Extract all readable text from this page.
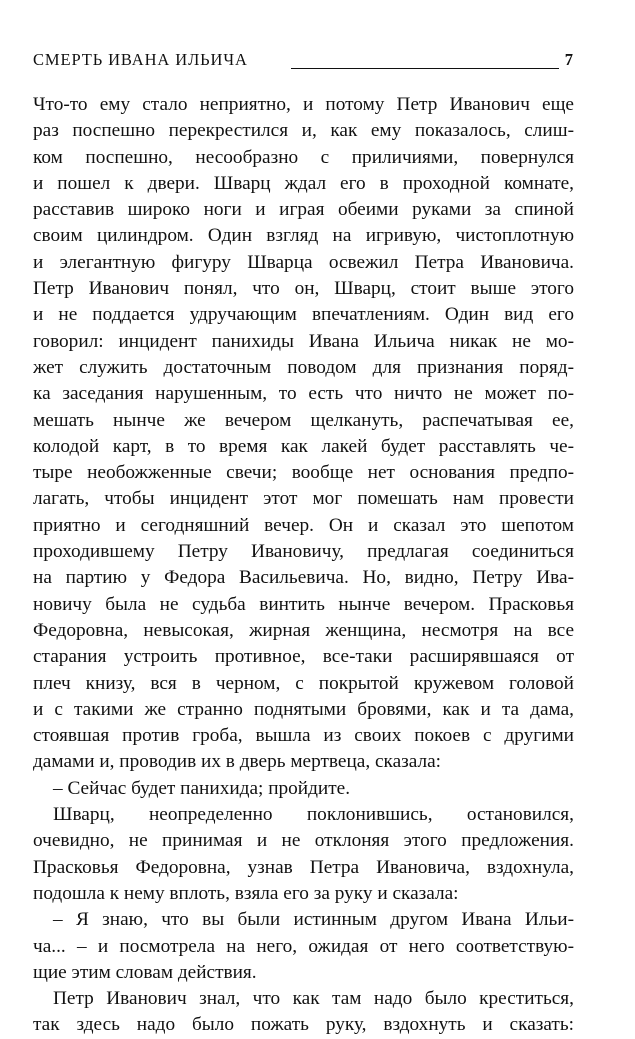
СМЕРТЬ ИВАНА ИЛЬИЧА	7
Что-то ему стало неприятно, и потому Петр Иванович еще
раз поспешно перекрестился и, как ему показалось, слиш-
ком поспешно, несообразно с приличиями, повернулся
и пошел к двери. Шварц ждал его в проходной комнате,
расставив широко ноги и играя обеими руками за спиной
своим цилиндром. Один взгляд на игривую, чистоплотную
и элегантную фигуру Шварца освежил Петра Ивановича.
Петр Иванович понял, что он, Шварц, стоит выше этого
и не поддается удручающим впечатлениям. Один вид его
говорил: инцидент панихиды Ивана Ильича никак не мо-
жет служить достаточным поводом для признания поряд-
ка заседания нарушенным, то есть что ничто не может по-
мешать нынче же вечером щелкануть, распечатывая ее,
колодой карт, в то время как лакей будет расставлять че-
тыре необожженные свечи; вообще нет основания предпо-
лагать, чтобы инцидент этот мог помешать нам провести
приятно и сегодняшний вечер. Он и сказал это шепотом
проходившему Петру Ивановичу, предлагая соединиться
на партию у Федора Васильевича. Но, видно, Петру Ива-
новичу была не судьба винтить нынче вечером. Прасковья
Федоровна, невысокая, жирная женщина, несмотря на все
старания устроить противное, все-таки расширявшаяся от
плеч книзу, вся в черном, с покрытой кружевом головой
и с такими же странно поднятыми бровями, как и та дама,
стоявшая против гроба, вышла из своих покоев с другими
дамами и, проводив их в дверь мертвеца, сказала:
– Сейчас будет панихида; пройдите.
Шварц, неопределенно поклонившись, остановился,
очевидно, не принимая и не отклоняя этого предложения.
Прасковья Федоровна, узнав Петра Ивановича, вздохнула,
подошла к нему вплоть, взяла его за руку и сказала:
– Я знаю, что вы были истинным другом Ивана Ильи-
ча... – и посмотрела на него, ожидая от него соответствую-
щие этим словам действия.
Петр Иванович знал, что как там надо было креститься,
так здесь надо было пожать руку, вздохнуть и сказать:
